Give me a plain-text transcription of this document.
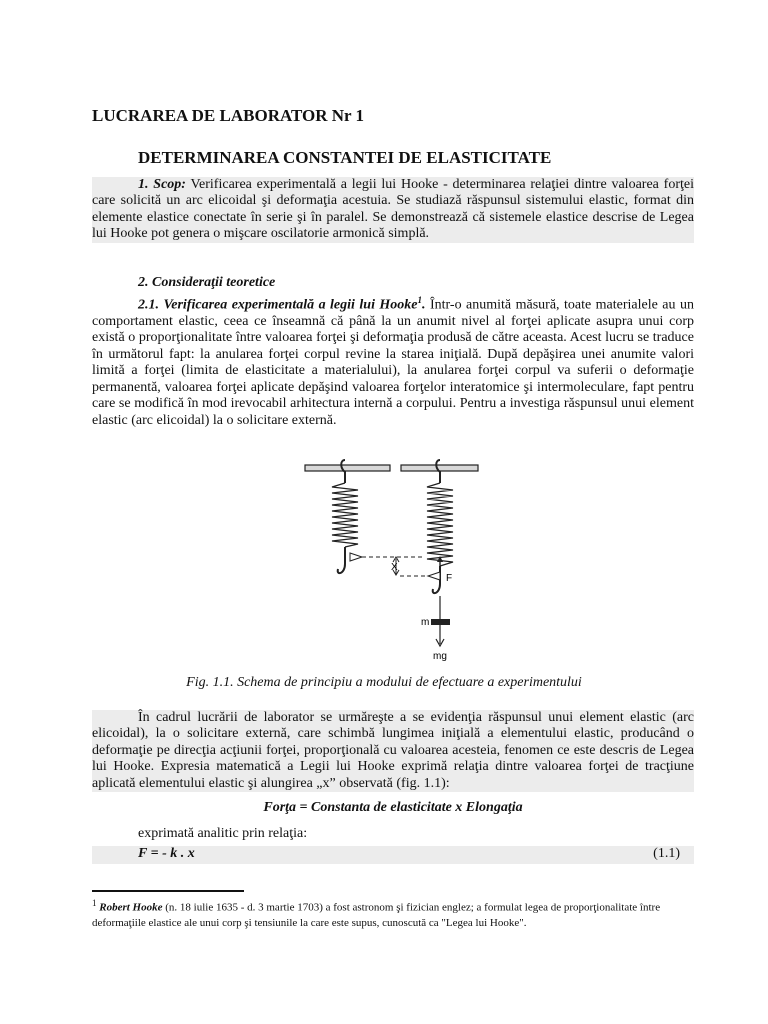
LUCRAREA DE LABORATOR Nr 1
DETERMINAREA CONSTANTEI DE ELASTICITATE
1. Scop: Verificarea experimentală a legii lui Hooke - determinarea relaţiei dintre valoarea forţei care solicită un arc elicoidal şi deformaţia acestuia. Se studiază răspunsul sistemului elastic, format din elemente elastice conectate în serie şi în paralel. Se demonstrează că sistemele elastice descrise de Legea lui Hooke pot genera o mişcare oscilatorie armonică simplă.
2. Consideraţii teoretice
2.1. Verificarea experimentală a legii lui Hooke$^1$. Într-o anumită măsură, toate materialele au un comportament elastic, ceea ce înseamnă că până la un anumit nivel al forţei aplicate asupra unui corp există o proporţionalitate între valoarea forţei şi deformaţia produsă de către aceasta. Acest lucru se traduce în următorul fapt: la anularea forţei corpul revine la starea iniţială. După depăşirea unei anumite valori limită a forţei (limita de elasticitate a materialului), la anularea forţei corpul va suferii o deformaţie permanentă, valoarea forţei aplicate depăşind valoarea forţelor interatomice şi intermoleculare, fapt pentru care se modifică în mod irevocabil arhitectura internă a corpului. Pentru a investiga răspunsul unui element elastic (arc elicoidal) la o solicitare externă.
X
F
m
mg
Fig. 1.1. Schema de principiu a modului de efectuare a experimentului
În cadrul lucrării de laborator se urmăreşte a se evidenţia răspunsul unui element elastic (arc elicoidal), la o solicitare externă, care schimbă lungimea iniţială a elementului elastic, producând o deformaţie pe direcţia acţiunii forţei, proporţională cu valoarea acesteia, fenomen ce este descris de Legea lui Hooke. Expresia matematică a Legii lui Hooke exprimă relaţia dintre valoarea forţei de tracţiune aplicată elementului elastic şi alungirea „x” observată (fig. 1.1):
Forţa = Constanta de elasticitate x Elongaţia
exprimată analitic prin relaţia:
F = - k . x	(1.1)
$^1$ Robert Hooke (n. 18 iulie 1635 - d. 3 martie 1703) a fost astronom şi fizician englez; a formulat legea de proporţionalitate între deformaţiile elastice ale unui corp şi tensiunile la care este supus, cunoscută ca "Legea lui Hooke".
